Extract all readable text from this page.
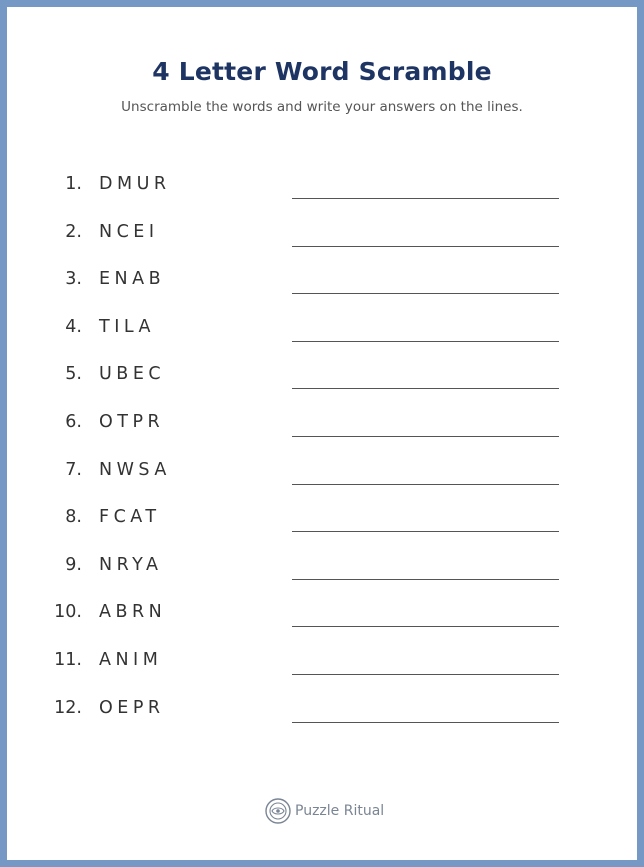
4 Letter Word Scramble
Unscramble the words and write your answers on the lines.
1. DMUR
2. NCEI
3. ENAB
4. TILA
5. UBEC
6. OTPR
7. NWSA
8. FCAT
9. NRYA
10. ABRN
11. ANIM
12. OEPR
Puzzle Ritual
